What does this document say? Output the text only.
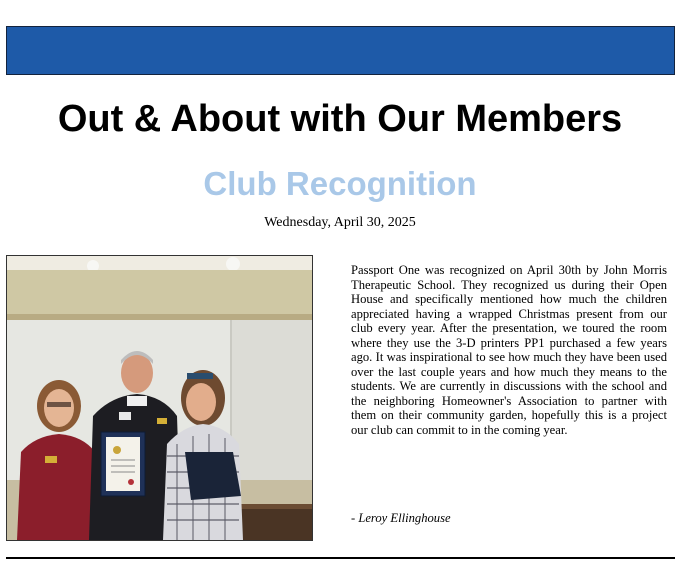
Out & About with Our Members
Club Recognition
Wednesday, April 30, 2025

Passport One was recognized on April 30th by John Morris Therapeutic School. They recognized us during their Open House and specifically mentioned how much the children appreciated having a wrapped Christmas present from our club every year. After the presentation, we toured the room where they use the 3-D printers PP1 purchased a few years ago. It was inspirational to see how much they have been used over the last couple years and how much they means to the students. We are currently in discussions with the school and the neighboring Homeowner's Association to partner with them on their community garden, hopefully this is a project our club can commit to in the coming year.

- Leroy Ellinghouse
